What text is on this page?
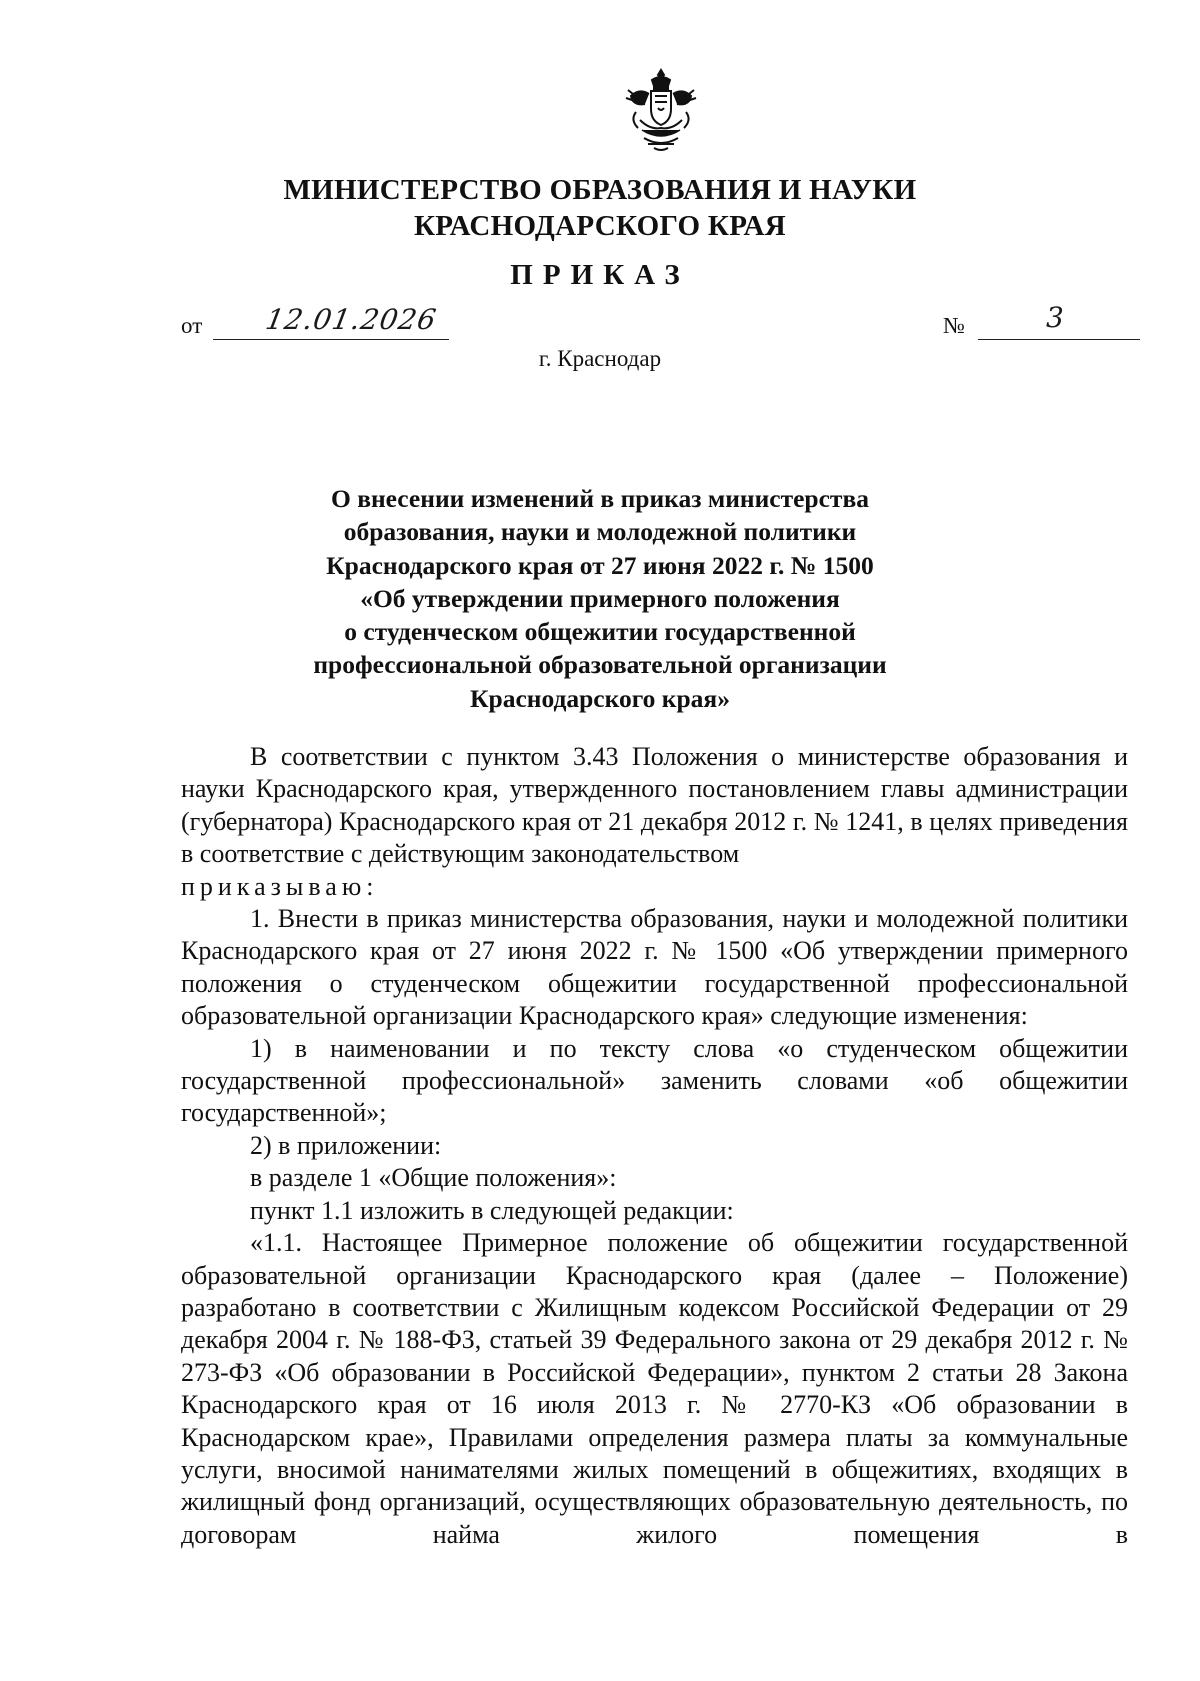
МИНИСТЕРСТВО ОБРАЗОВАНИЯ И НАУКИ
КРАСНОДАРСКОГО КРАЯ
ПРИКАЗ
от 12.01.2026	№	3
г. Краснодар
О внесении изменений в приказ министерства
образования, науки и молодежной политики
Краснодарского края от 27 июня 2022 г. № 1500
«Об утверждении примерного положения
о студенческом общежитии государственной
профессиональной образовательной организации
Краснодарского края»

В соответствии с пунктом 3.43 Положения о министерстве образования и науки Краснодарского края, утвержденного постановлением главы администрации (губернатора) Краснодарского края от 21 декабря 2012 г. № 1241, в целях приведения в соответствие с действующим законодательством

приказываю:

1. Внести в приказ министерства образования, науки и молодежной политики Краснодарского края от 27 июня 2022 г. № 1500 «Об утверждении примерного положения о студенческом общежитии государственной профессиональной образовательной организации Краснодарского края» следующие изменения:

1) в наименовании и по тексту слова «о студенческом общежитии государственной профессиональной» заменить словами «об общежитии государственной»;

2) в приложении:

в разделе 1 «Общие положения»:

пункт 1.1 изложить в следующей редакции:

«1.1. Настоящее Примерное положение об общежитии государственной образовательной организации Краснодарского края (далее – Положение) разработано в соответствии с Жилищным кодексом Российской Федерации от 29 декабря 2004 г. № 188-ФЗ, статьей 39 Федерального закона от 29 декабря 2012 г. № 273-ФЗ «Об образовании в Российской Федерации», пунктом 2 статьи 28 Закона Краснодарского края от 16 июля 2013 г. № 2770-КЗ «Об образовании в Краснодарском крае», Правилами определения размера платы за коммунальные услуги, вносимой нанимателями жилых помещений в общежитиях, входящих в жилищный фонд организаций, осуществляющих образовательную деятельность, по договорам найма жилого помещения в
